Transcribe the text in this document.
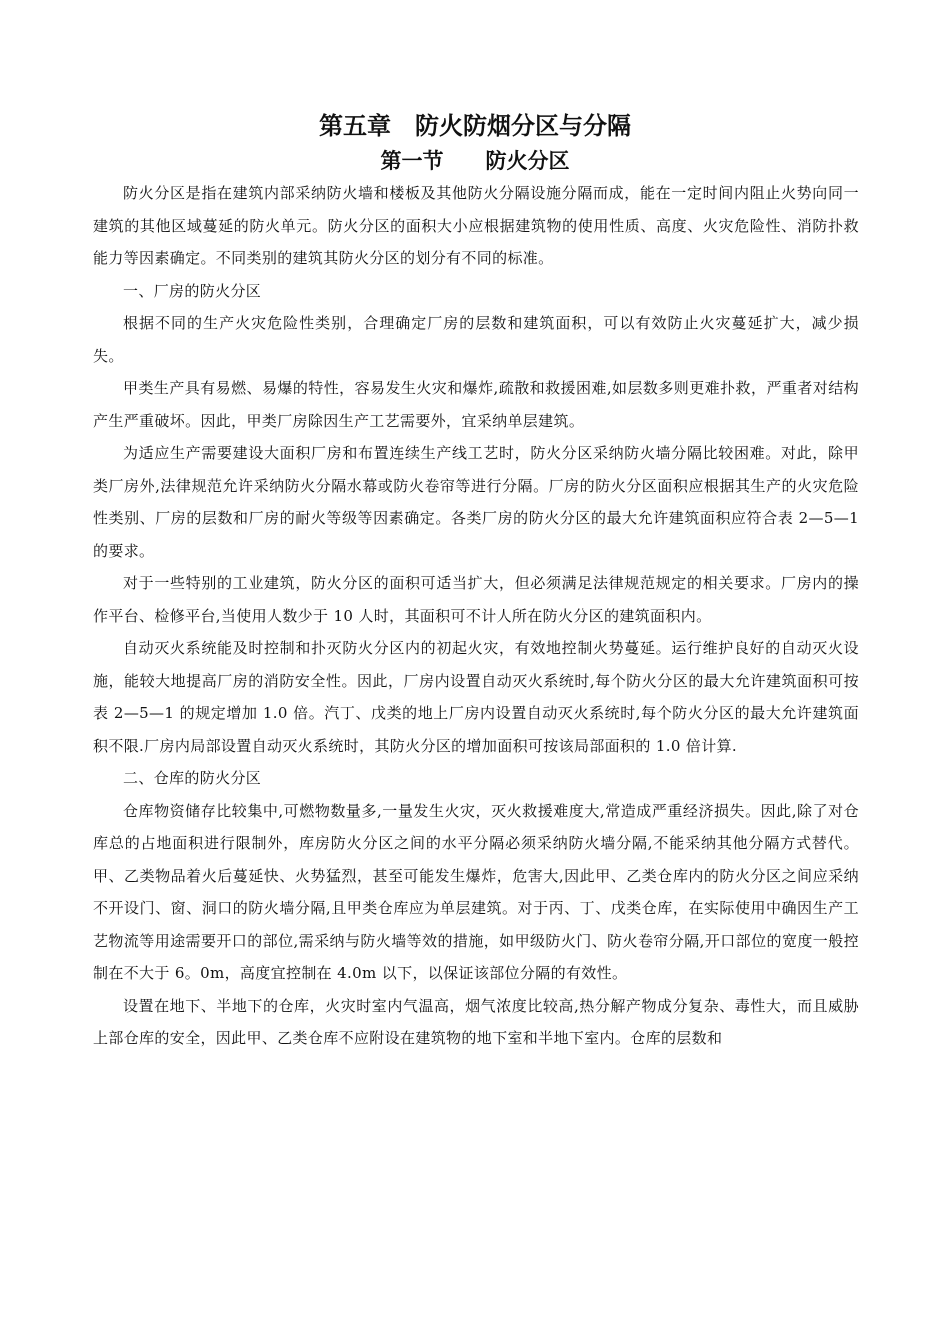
第五章　防火防烟分区与分隔
第一节　　防火分区

防火分区是指在建筑内部采纳防火墙和楼板及其他防火分隔设施分隔而成，能在一定时间内阻止火势向同一建筑的其他区域蔓延的防火单元。防火分区的面积大小应根据建筑物的使用性质、高度、火灾危险性、消防扑救能力等因素确定。不同类别的建筑其防火分区的划分有不同的标准。

一、厂房的防火分区

根据不同的生产火灾危险性类别，合理确定厂房的层数和建筑面积，可以有效防止火灾蔓延扩大，减少损失。

甲类生产具有易燃、易爆的特性，容易发生火灾和爆炸,疏散和救援困难,如层数多则更难扑救，严重者对结构产生严重破坏。因此，甲类厂房除因生产工艺需要外，宜采纳单层建筑。

为适应生产需要建设大面积厂房和布置连续生产线工艺时，防火分区采纳防火墙分隔比较困难。对此，除甲类厂房外,法律规范允许采纳防火分隔水幕或防火卷帘等进行分隔。厂房的防火分区面积应根据其生产的火灾危险性类别、厂房的层数和厂房的耐火等级等因素确定。各类厂房的防火分区的最大允许建筑面积应符合表 2—5—1 的要求。

对于一些特别的工业建筑，防火分区的面积可适当扩大，但必须满足法律规范规定的相关要求。厂房内的操作平台、检修平台,当使用人数少于 10 人时，其面积可不计人所在防火分区的建筑面积内。

自动灭火系统能及时控制和扑灭防火分区内的初起火灾，有效地控制火势蔓延。运行维护良好的自动灭火设施，能较大地提高厂房的消防安全性。因此，厂房内设置自动灭火系统时,每个防火分区的最大允许建筑面积可按表 2—5—1 的规定增加 1.0 倍。汽丁、戊类的地上厂房内设置自动灭火系统时,每个防火分区的最大允许建筑面积不限.厂房内局部设置自动灭火系统时，其防火分区的增加面积可按该局部面积的 1.0 倍计算.

二、仓库的防火分区

仓库物资储存比较集中,可燃物数量多,一量发生火灾，灭火救援难度大,常造成严重经济损失。因此,除了对仓库总的占地面积进行限制外，库房防火分区之间的水平分隔必须采纳防火墙分隔,不能采纳其他分隔方式替代。甲、乙类物品着火后蔓延快、火势猛烈，甚至可能发生爆炸，危害大,因此甲、乙类仓库内的防火分区之间应采纳不开设门、窗、洞口的防火墙分隔,且甲类仓库应为单层建筑。对于丙、丁、戊类仓库，在实际使用中确因生产工艺物流等用途需要开口的部位,需采纳与防火墙等效的措施，如甲级防火门、防火卷帘分隔,开口部位的宽度一般控制在不大于 6。0m，高度宜控制在 4.0m 以下，以保证该部位分隔的有效性。

设置在地下、半地下的仓库，火灾时室内气温高，烟气浓度比较高,热分解产物成分复杂、毒性大，而且威胁上部仓库的安全，因此甲、乙类仓库不应附设在建筑物的地下室和半地下室内。仓库的层数和
